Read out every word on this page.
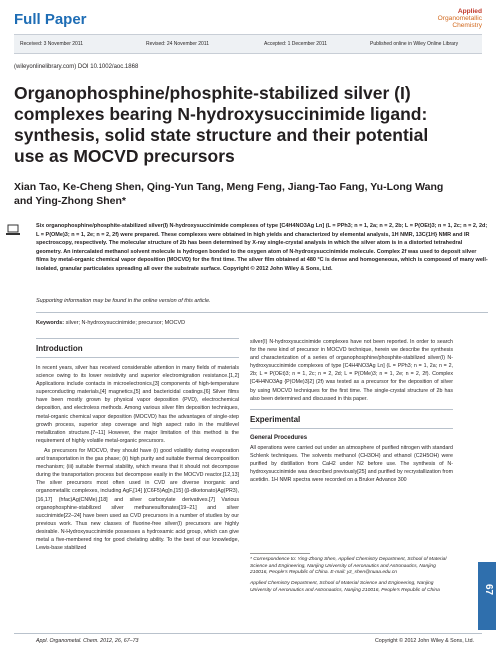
Full Paper	Applied
Organometallic
Chemistry
Received: 3 November 2011	Revised: 24 November 2011	Accepted: 1 December 2011	Published online in Wiley Online Library
(wileyonlinelibrary.com) DOI 10.1002/aoc.1868
Organophosphine/phosphite-stabilized silver (I) complexes bearing N-hydroxysuccinimide ligand: synthesis, solid state structure and their potential use as MOCVD precursors
Xian Tao, Ke-Cheng Shen, Qing-Yun Tang, Meng Feng, Jiang-Tao Fang, Yu-Long Wang and Ying-Zhong Shen*
Six organophosphine/phosphite-stabilized silver(I) N-hydroxysuccinimide complexes of type [C4H4NO3Ag Ln] (L = PPh3; n = 1, 2a; n = 2, 2b; L = P(OEt)3; n = 1, 2c; n = 2, 2d; L = P(OMe)3; n = 1, 2e; n = 2, 2f) were prepared. These complexes were obtained in high yields and characterized by elemental analysis, 1H NMR, 13C{1H} NMR and IR spectroscopy, respectively. The molecular structure of 2b has been determined by X-ray single-crystal analysis in which the silver atom is in a distorted tetrahedral geometry. An intercalated methanol solvent molecule is hydrogen bonded to the oxygen atom of N-hydroxysuccinimide molecule. Complex 2f was used to deposit silver films by metal-organic chemical vapor deposition (MOCVD) for the first time. The silver film obtained at 480 °C is dense and homogeneous, which is composed of many well-isolated, granular particulates spreading all over the substrate surface. Copyright © 2012 John Wiley & Sons, Ltd.
Supporting information may be found in the online version of this article.
Keywords: silver; N-hydroxysuccinimide; precursor; MOCVD
Introduction

In recent years, silver has received considerable attention in many fields of materials science owing to its lower resistivity and superior electromigration resistance.[1,2] Applications include contacts in microelectronics,[3] components of high-temperature superconducting materials,[4] magnetics,[5] and bactericidal coatings.[6] Silver films have been mostly grown by physical vapor deposition (PVD), electrochemical deposition, and electroless methods. Among various silver film deposition techniques, metal-organic chemical vapor deposition (MOCVD) has the advantages of single-step growth process, superior step coverage and high aspect ratio in the multilevel metallization structure.[7–11] However, the major limitation of this method is the requirement of highly volatile metal-organic precursors.

As precursors for MOCVD, they should have (i) good volatility during evaporation and transportation in the gas phase; (ii) high purity and suitable thermal decomposition mechanism; (iii) suitable thermal stability, which means that it should not decompose during the transportation process but decompose easily in the MOCVD reactor.[12,13] The silver precursors most often used in CVD are diverse inorganic and organometallic complexes, including AgF,[14] [(C6F5)Ag]n,[15] (β-diketonato)Ag(PR3),[16,17] (hfac)Ag(CNMe),[18] and silver carboxylate derivatives.[7] Various organophosphine-stabilized silver methanesulfonates[19–21] and silver succinimide[22–24] have been used as CVD precursors in a number of studies by our previous work. Thus new classes of fluorine-free silver(I) precursors are highly desirable. N-Hydroxysuccinimide possesses a hydroxamic acid group, which can give metal a five-membered ring for good chelating ability. To the best of our knowledge, Lewis-base stabilized

silver(I) N-hydroxysuccinimide complexes have not been reported. In order to search for the new kind of precursor in MOCVD technique, herein we describe the synthesis and characterization of a series of organophosphine/phosphite-stabilized silver(I) N-hydroxysuccinimide complexes of type [C4H4NO3Ag Ln] (L = PPh3; n = 1, 2a; n = 2, 2b; L = P(OEt)3; n = 1, 2c; n = 2, 2d; L = P(OMe)3; n = 1, 2e; n = 2, 2f). Complex [C4H4NO3Ag {P(OMe)3}2] (2f) was tested as a precursor for the deposition of silver by using MOCVD techniques for the first time. The single-crystal structure of 2b has also been determined and discussed in this paper.

Experimental
General Procedures

All operations were carried out under an atmosphere of purified nitrogen with standard Schlenk techniques. The solvents methanol (CH3OH) and ethanol (C2H5OH) were purified by distillation from CaH2 under N2 before use. The synthesis of N-hydroxysuccinimide was described previously[25] and purified by recrystallization from acetidin. 1H NMR spectra were recorded on a Bruker Advance 300

* Correspondence to: Ying-Zhong Shen, Applied Chemistry Department, School of Material Science and Engineering, Nanjing University of Aeronautics and Astronautics, Nanjing 210016, People's Republic of China. E-mail: yz_shen@nuaa.edu.cn

Applied Chemistry Department, School of Material Science and Engineering, Nanjing University of Aeronautics and Astronautics, Nanjing 210016, People's Republic of China

Appl. Organometal. Chem. 2012, 26, 67–73	Copyright © 2012 John Wiley & Sons, Ltd.
67
